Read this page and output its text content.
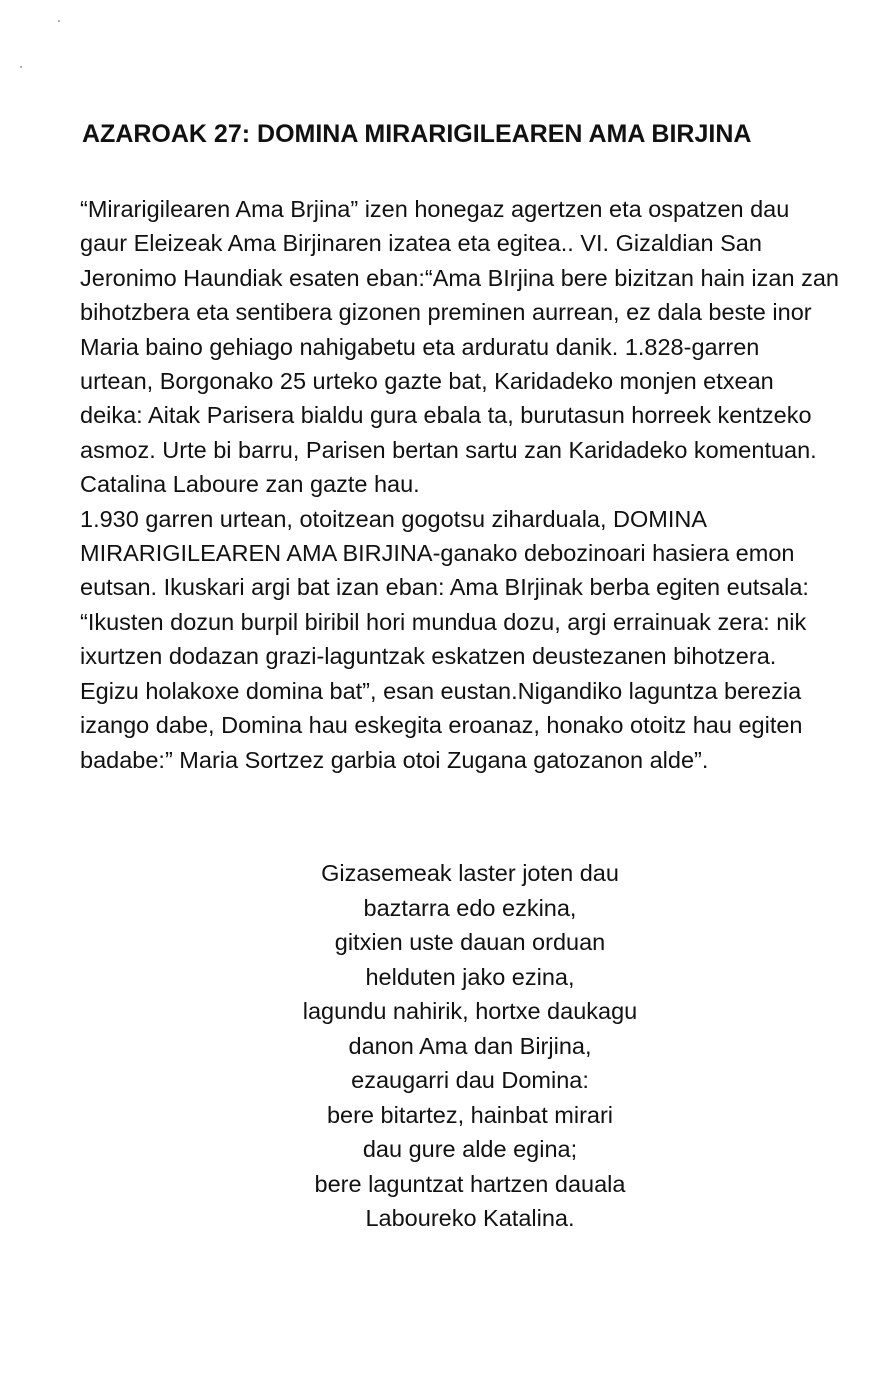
AZAROAK 27: DOMINA MIRARIGILEAREN AMA BIRJINA
“Mirarigilearen Ama Brjina” izen honegaz agertzen eta ospatzen dau
gaur Eleizeak Ama Birjinaren izatea eta egitea.. VI. Gizaldian San
Jeronimo Haundiak esaten eban:“Ama BIrjina bere bizitzan hain izan zan
bihotzbera eta sentibera gizonen preminen aurrean, ez dala beste inor
Maria baino gehiago nahigabetu eta arduratu danik. 1.828-garren
urtean, Borgonako 25 urteko gazte bat, Karidadeko monjen etxean
deika: Aitak Parisera bialdu gura ebala ta, burutasun horreek kentzeko
asmoz. Urte bi barru, Parisen bertan sartu zan Karidadeko komentuan.
Catalina Laboure zan gazte hau.
1.930 garren urtean, otoitzean gogotsu ziharduala, DOMINA
MIRARIGILEAREN AMA BIRJINA-ganako debozinoari hasiera emon
eutsan. Ikuskari argi bat izan eban: Ama BIrjinak berba egiten eutsala:
“Ikusten dozun burpil biribil hori mundua dozu, argi errainuak zera: nik
ixurtzen dodazan grazi-laguntzak eskatzen deustezanen bihotzera.
Egizu holakoxe domina bat”, esan eustan.Nigandiko laguntza berezia
izango dabe, Domina hau eskegita eroanaz, honako otoitz hau egiten
badabe:” Maria Sortzez garbia otoi Zugana gatozanon alde”.
Gizasemeak laster joten dau
baztarra edo ezkina,
gitxien uste dauan orduan
helduten jako ezina,
lagundu nahirik, hortxe daukagu
danon Ama dan Birjina,
ezaugarri dau Domina:
bere bitartez, hainbat mirari
dau gure alde egina;
bere laguntzat hartzen dauala
Laboureko Katalina.
